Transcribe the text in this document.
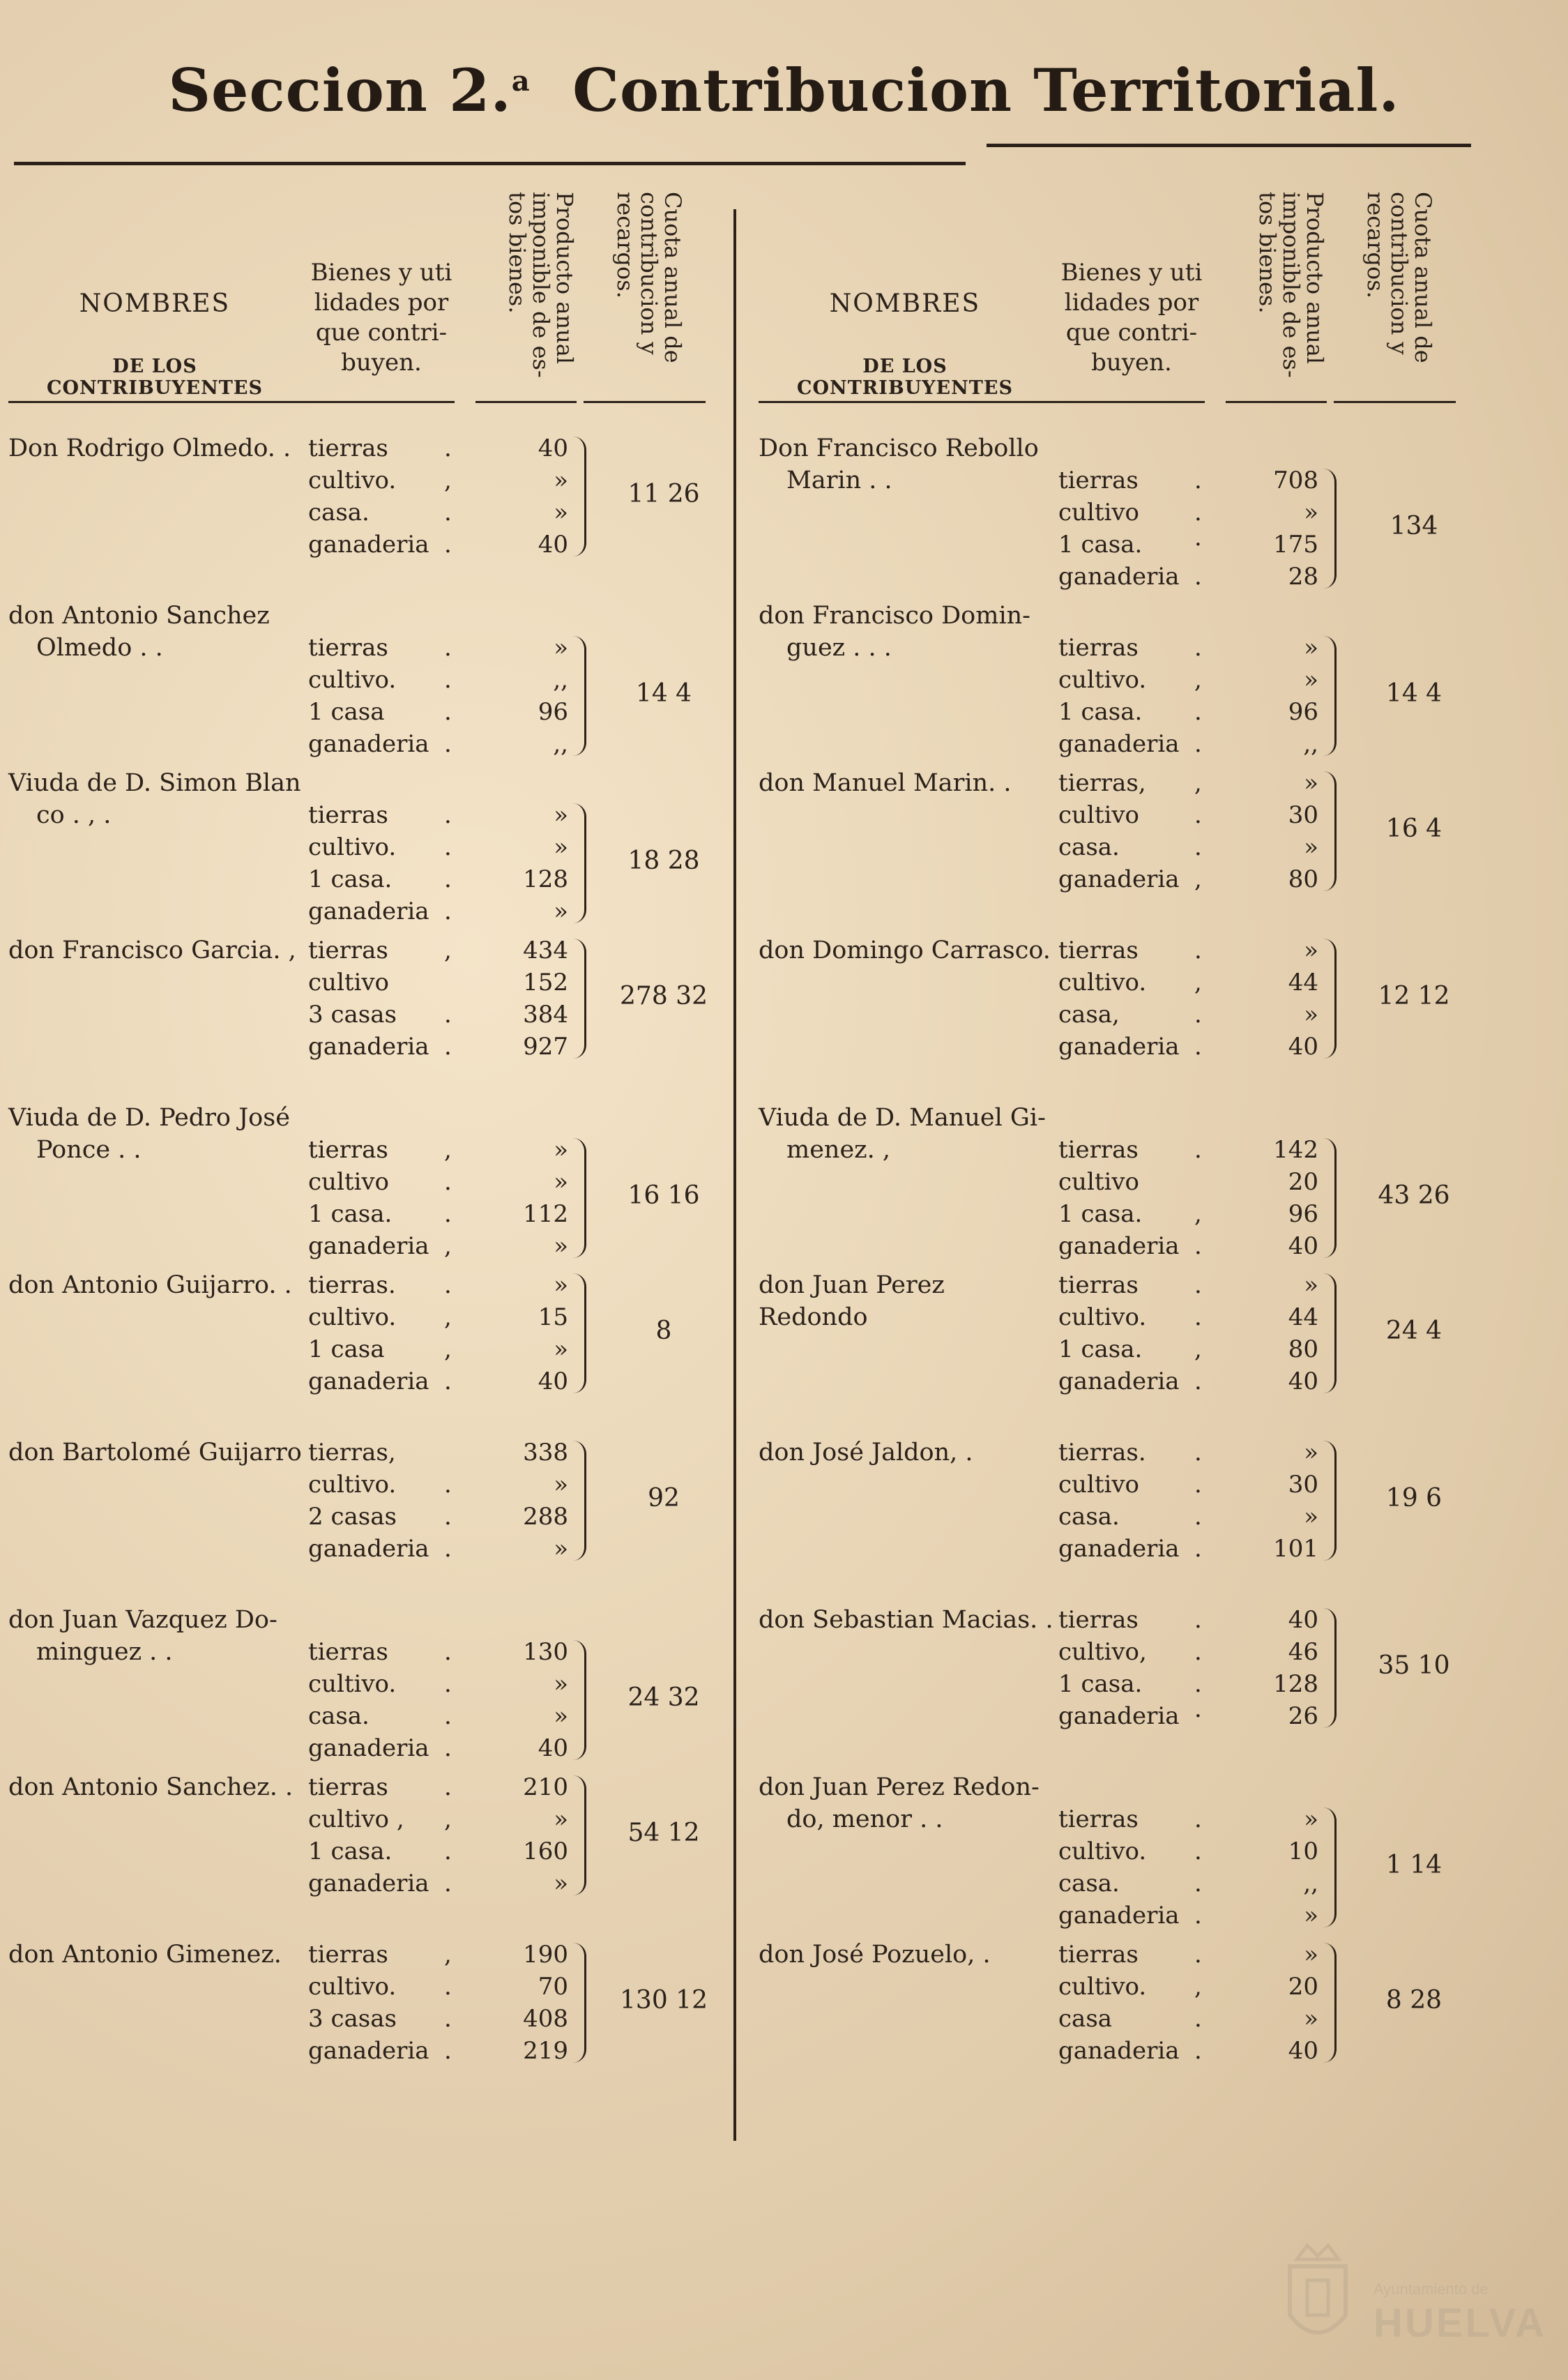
Seccion 2.$^a$ Contribucion Territorial.
NOMBRES
DE LOS CONTRIBUYENTES
Bienes y uti
lidades por
que contri-
buyen.	Producto anual imponible de es- tos bienes.	Cuota anual de contribucion y recargos.
Don Rodrigo Olmedo. . tierras	.	40
cultivo.	,	»
casa.	.	»
ganaderia .	40
11 26
don Antonio Sanchez
Olmedo . .	tierras	.	»
cultivo.	.	,,
1 casa	.	96
ganaderia .	,,
14 4
Viuda de D. Simon Blan
co . , .	tierras	.	»
cultivo.	.	»
1 casa.	.	128
ganaderia .	»
18 28
don Francisco Garcia. , tierras	,	434
cultivo	152
3 casas	.	384
ganaderia .	927
278 32
Viuda de D. Pedro José
Ponce . .	tierras	,	»
cultivo	.	»
1 casa.	.	112
ganaderia ,	»
16 16
don Antonio Guijarro. . tierras.	.	»
cultivo.	,	15
1 casa	,	»
ganaderia .	40
8
don Bartolomé Guijarro tierras,	338
cultivo.	.	»
2 casas	.	288
ganaderia .	»
92
don Juan Vazquez Do-
minguez . .	tierras	.	130
cultivo.	.	»
casa.	.	»
ganaderia .	40
24 32
don Antonio Sanchez. . tierras	.	210
cultivo ,	,	»
1 casa.	.	160
ganaderia .	»
54 12
don Antonio Gimenez.	tierras	,	190
cultivo.	.	70
3 casas	.	408
ganaderia .	219
130 12
NOMBRES
DE LOS CONTRIBUYENTES
Bienes y uti
lidades por
que contri-
buyen.	Producto anual imponible de es- tos bienes.	Cuota anual de contribucion y recargos.
Don Francisco Rebollo
Marin . .	tierras	.	708
cultivo	.	»
1 casa.	·	175
ganaderia .	28
134
don Francisco Domin-
guez . . .	tierras	.	»
cultivo.	,	»
1 casa.	.	96
ganaderia .	,,
14 4
don Manuel Marin. .	tierras,	,	»
cultivo	.	30
casa.	.	»
ganaderia ,	80
16 4
don Domingo Carrasco. tierras	.	»
cultivo.	,	44
casa,	.	»
ganaderia .	40
12 12
Viuda de D. Manuel Gi-
menez. ,	tierras	.	142
cultivo	20
1 casa.	,	96
ganaderia .	40
43 26
don Juan Perez Redondo
tierras	.	»
cultivo.	.	44
1 casa.	,	80
ganaderia .	40
24 4
don José Jaldon, .	tierras.	.	»
cultivo	.	30
casa.	.	»
ganaderia .	101
19 6
don Sebastian Macias. . tierras	.	40
cultivo,	.	46
1 casa.	.	128
ganaderia ·	26
35 10
don Juan Perez Redon-
do, menor . .	tierras	.	»
cultivo.	.	10
casa.	.	,,
ganaderia .	»
1 14
don José Pozuelo, .	tierras	.	»
cultivo.	,	20
casa	.	»
ganaderia .	40
8 28
Ayuntamiento de
HUELVA
